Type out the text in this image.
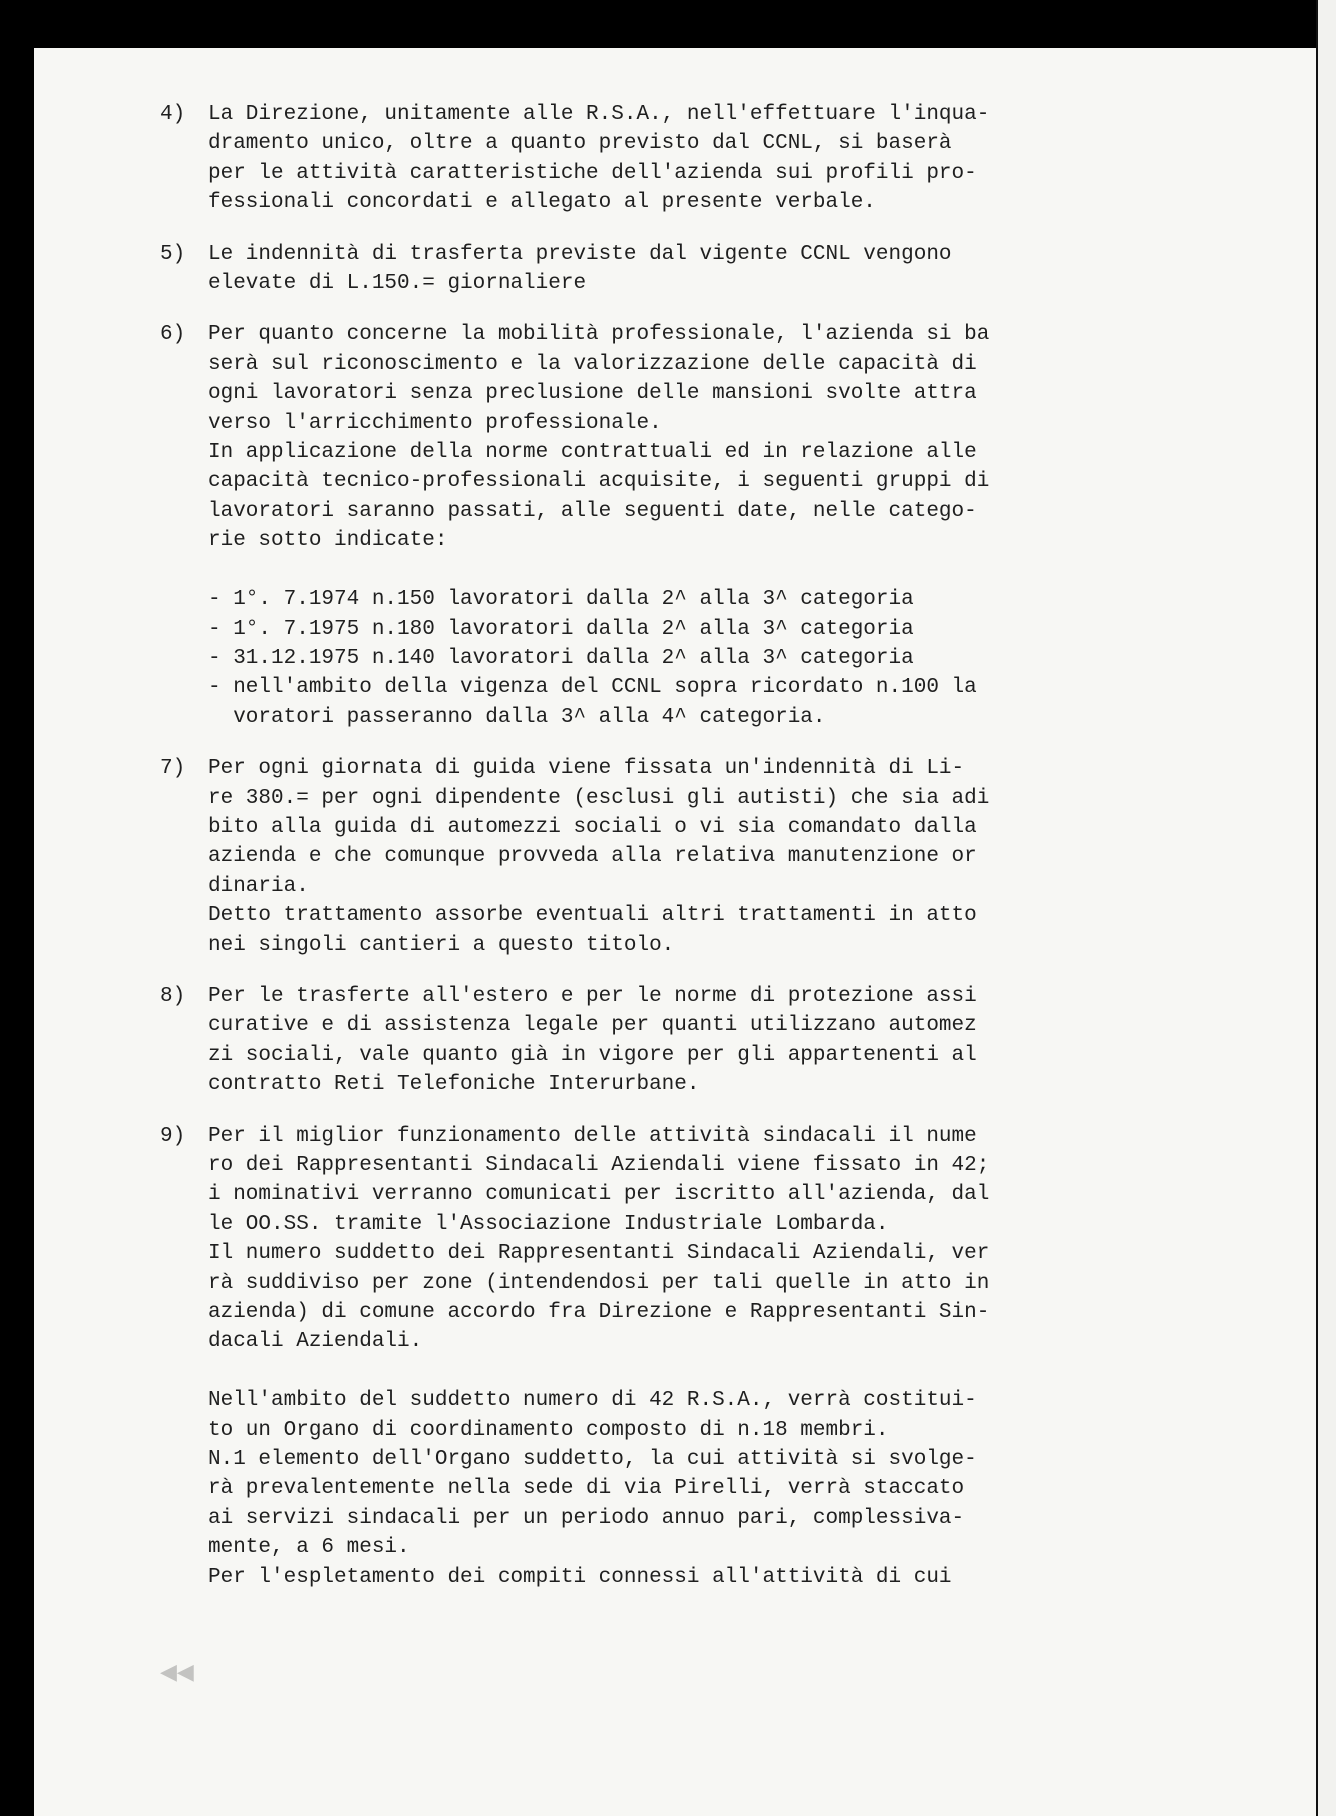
4)	La Direzione, unitamente alle R.S.A., nell'effettuare l'inqua-
dramento unico, oltre a quanto previsto dal CCNL, si baserà
per le attività caratteristiche dell'azienda sui profili pro-
fessionali concordati e allegato al presente verbale.
5)	Le indennità di trasferta previste dal vigente CCNL vengono
elevate di L.150.= giornaliere
6)	Per quanto concerne la mobilità professionale, l'azienda si ba
serà sul riconoscimento e la valorizzazione delle capacità di
ogni lavoratori senza preclusione delle mansioni svolte attra
verso l'arricchimento professionale.
In applicazione della norme contrattuali ed in relazione alle
capacità tecnico-professionali acquisite, i seguenti gruppi di
lavoratori saranno passati, alle seguenti date, nelle catego-
rie sotto indicate:

- 1°. 7.1974 n.150 lavoratori dalla 2^ alla 3^ categoria
- 1°. 7.1975 n.180 lavoratori dalla 2^ alla 3^ categoria
- 31.12.1975 n.140 lavoratori dalla 2^ alla 3^ categoria
- nell'ambito della vigenza del CCNL sopra ricordato n.100 la
voratori passeranno dalla 3^ alla 4^ categoria.
7)	Per ogni giornata di guida viene fissata un'indennità di Li-
re 380.= per ogni dipendente (esclusi gli autisti) che sia adi
bito alla guida di automezzi sociali o vi sia comandato dalla
azienda e che comunque provveda alla relativa manutenzione or
dinaria.
Detto trattamento assorbe eventuali altri trattamenti in atto
nei singoli cantieri a questo titolo.
8)	Per le trasferte all'estero e per le norme di protezione assi
curative e di assistenza legale per quanti utilizzano automez
zi sociali, vale quanto già in vigore per gli appartenenti al
contratto Reti Telefoniche Interurbane.
9)	Per il miglior funzionamento delle attività sindacali il nume
ro dei Rappresentanti Sindacali Aziendali viene fissato in 42;
i nominativi verranno comunicati per iscritto all'azienda, dal
le OO.SS. tramite l'Associazione Industriale Lombarda.
Il numero suddetto dei Rappresentanti Sindacali Aziendali, ver
rà suddiviso per zone (intendendosi per tali quelle in atto in
azienda) di comune accordo fra Direzione e Rappresentanti Sin-
dacali Aziendali.

Nell'ambito del suddetto numero di 42 R.S.A., verrà costitui-
to un Organo di coordinamento composto di n.18 membri.
N.1 elemento dell'Organo suddetto, la cui attività si svolge-
rà prevalentemente nella sede di via Pirelli, verrà staccato
ai servizi sindacali per un periodo annuo pari, complessiva-
mente, a 6 mesi.
Per l'espletamento dei compiti connessi all'attività di cui
◀◀
